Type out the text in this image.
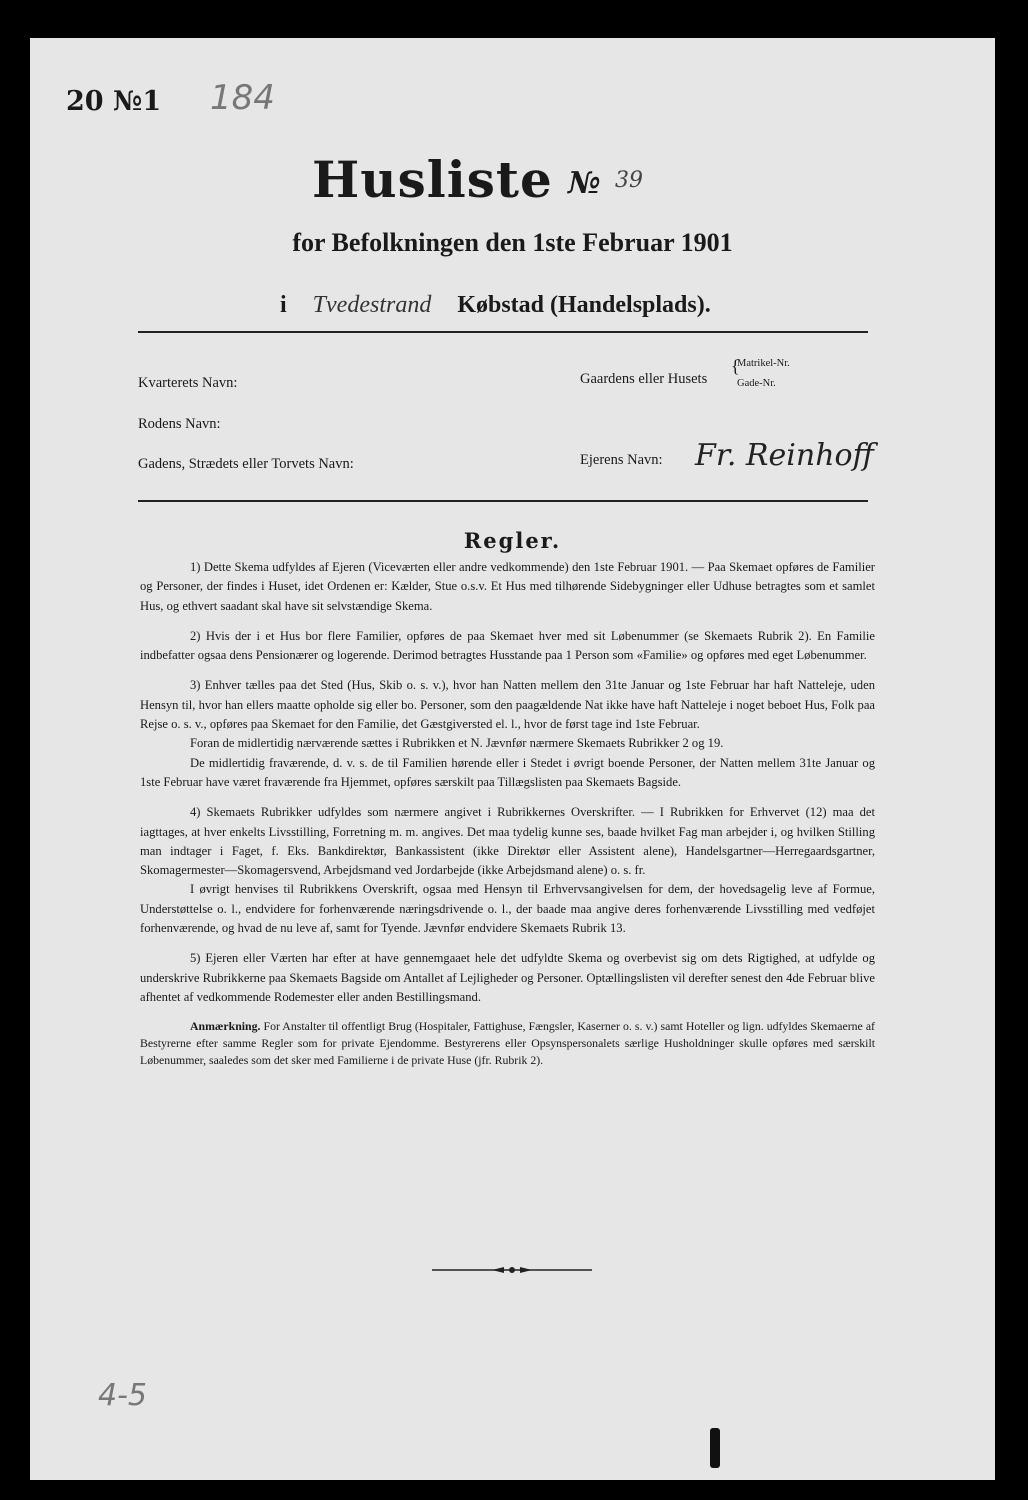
20 №1 184
Husliste № 39
for Befolkningen den 1ste Februar 1901
i Tvedestrand Købstad (Handelsplads).
Kvarterets Navn:	Gaardens eller Husets
{
Matrikel-Nr.
Gade-Nr.
Rodens Navn:
Gadens, Strædets eller Torvets Navn:	Ejerens Navn: Fr. Reinhoff
Regler.

1) Dette Skema udfyldes af Ejeren (Viceværten eller andre vedkommende) den 1ste Februar 1901. — Paa Skemaet opføres de Familier og Personer, der findes i Huset, idet Ordenen er: Kælder, Stue o.s.v. Et Hus med tilhørende Sidebygninger eller Udhuse betragtes som et samlet Hus, og ethvert saadant skal have sit selvstændige Skema.

2) Hvis der i et Hus bor flere Familier, opføres de paa Skemaet hver med sit Løbenummer (se Skemaets Rubrik 2). En Familie indbefatter ogsaa dens Pensionærer og logerende. Derimod betragtes Husstande paa 1 Person som «Familie» og opføres med eget Løbenummer.

3) Enhver tælles paa det Sted (Hus, Skib o. s. v.), hvor han Natten mellem den 31te Januar og 1ste Februar har haft Natteleje, uden Hensyn til, hvor han ellers maatte opholde sig eller bo. Personer, som den paagældende Nat ikke have haft Natteleje i noget beboet Hus, Folk paa Rejse o. s. v., opføres paa Skemaet for den Familie, det Gæstgiversted el. l., hvor de først tage ind 1ste Februar.

Foran de midlertidig nærværende sættes i Rubrikken et N. Jævnfør nærmere Skemaets Rubrikker 2 og 19.

De midlertidig fraværende, d. v. s. de til Familien hørende eller i Stedet i øvrigt boende Personer, der Natten mellem 31te Januar og 1ste Februar have været fraværende fra Hjemmet, opføres særskilt paa Tillægslisten paa Skemaets Bagside.

4) Skemaets Rubrikker udfyldes som nærmere angivet i Rubrikkernes Overskrifter. — I Rubrikken for Erhvervet (12) maa det iagttages, at hver enkelts Livsstilling, Forretning m. m. angives. Det maa tydelig kunne ses, baade hvilket Fag man arbejder i, og hvilken Stilling man indtager i Faget, f. Eks. Bankdirektør, Bankassistent (ikke Direktør eller Assistent alene), Handelsgartner—Herregaardsgartner, Skomagermester—Skomagersvend, Arbejdsmand ved Jordarbejde (ikke Arbejdsmand alene) o. s. fr.

I øvrigt henvises til Rubrikkens Overskrift, ogsaa med Hensyn til Erhvervsangivelsen for dem, der hovedsagelig leve af Formue, Understøttelse o. l., endvidere for forhenværende næringsdrivende o. l., der baade maa angive deres forhenværende Livsstilling med vedføjet forhenværende, og hvad de nu leve af, samt for Tyende. Jævnfør endvidere Skemaets Rubrik 13.

5) Ejeren eller Værten har efter at have gennemgaaet hele det udfyldte Skema og overbevist sig om dets Rigtighed, at udfylde og underskrive Rubrikkerne paa Skemaets Bagside om Antallet af Lejligheder og Personer. Optællingslisten vil derefter senest den 4de Februar blive afhentet af vedkommende Rodemester eller anden Bestillingsmand.

Anmærkning. For Anstalter til offentligt Brug (Hospitaler, Fattighuse, Fængsler, Kaserner o. s. v.) samt Hoteller og lign. udfyldes Skemaerne af Bestyrerne efter samme Regler som for private Ejendomme. Bestyrerens eller Opsynspersonalets særlige Husholdninger skulle opføres med særskilt Løbenummer, saaledes som det sker med Familierne i de private Huse (jfr. Rubrik 2).

4-5
